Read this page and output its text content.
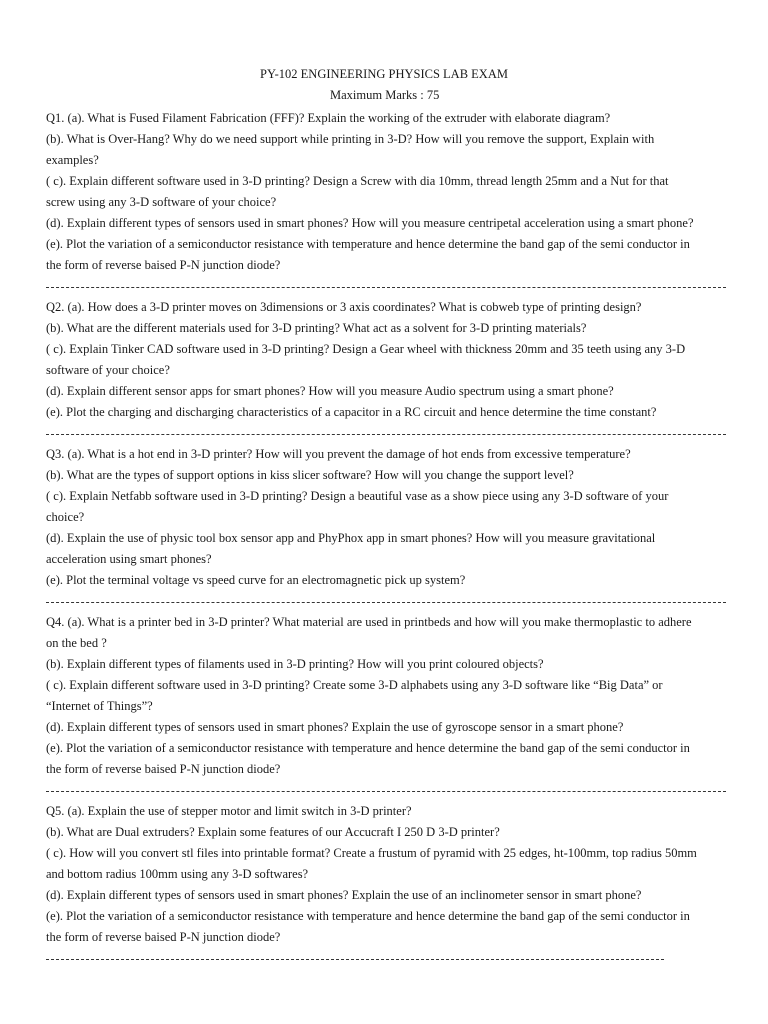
PY-102 ENGINEERING PHYSICS LAB EXAM
Maximum Marks : 75
Q1. (a). What is Fused Filament Fabrication (FFF)? Explain the working of the extruder with elaborate diagram?
(b). What is Over-Hang? Why do we need support while printing in 3-D? How will you remove the support, Explain with
examples?
( c). Explain different software used in 3-D printing? Design a Screw with dia 10mm, thread length 25mm and a Nut for that
screw using any 3-D software of your choice?
(d). Explain different types of sensors used in smart phones? How will you measure centripetal acceleration using a smart phone?
(e). Plot the variation of a semiconductor resistance with temperature and hence determine the band gap of the semi conductor in
the form of reverse baised P-N junction diode?
Q2. (a). How does a 3-D printer moves on 3dimensions or 3 axis coordinates? What is cobweb type of printing design?
(b). What are the different materials used for 3-D printing? What act as a solvent for 3-D printing materials?
( c). Explain Tinker CAD software used in 3-D printing? Design a Gear wheel with thickness 20mm and 35 teeth using any 3-D
software of your choice?
(d). Explain different sensor apps for smart phones? How will you measure Audio spectrum using a smart phone?
(e). Plot the charging and discharging characteristics of a capacitor in a RC circuit and hence determine the time constant?
Q3. (a). What is a hot end in 3-D printer? How will you prevent the damage of hot ends from excessive temperature?
(b). What are the types of support options in kiss slicer software? How will you change the support level?
( c). Explain Netfabb software used in 3-D printing? Design a beautiful vase as a show piece using any 3-D software of your
choice?
(d). Explain the use of physic tool box sensor app and PhyPhox app in smart phones? How will you measure gravitational
acceleration using smart phones?
(e). Plot the terminal voltage vs speed curve for an electromagnetic pick up system?
Q4. (a). What is a printer bed in 3-D printer? What material are used in printbeds and how will you make thermoplastic to adhere
on the bed ?
(b). Explain different types of filaments used in 3-D printing? How will you print coloured objects?
( c). Explain different software used in 3-D printing? Create some 3-D alphabets using any 3-D software like “Big Data” or
“Internet of Things”?
(d). Explain different types of sensors used in smart phones? Explain the use of gyroscope sensor in a smart phone?
(e). Plot the variation of a semiconductor resistance with temperature and hence determine the band gap of the semi conductor in
the form of reverse baised P-N junction diode?
Q5. (a). Explain the use of stepper motor and limit switch in 3-D printer?
(b). What are Dual extruders? Explain some features of our Accucraft I 250 D 3-D printer?
( c). How will you convert stl files into printable format? Create a frustum of pyramid with 25 edges, ht-100mm, top radius 50mm
and bottom radius 100mm using any 3-D softwares?
(d). Explain different types of sensors used in smart phones? Explain the use of an inclinometer sensor in smart phone?
(e). Plot the variation of a semiconductor resistance with temperature and hence determine the band gap of the semi conductor in
the form of reverse baised P-N junction diode?
